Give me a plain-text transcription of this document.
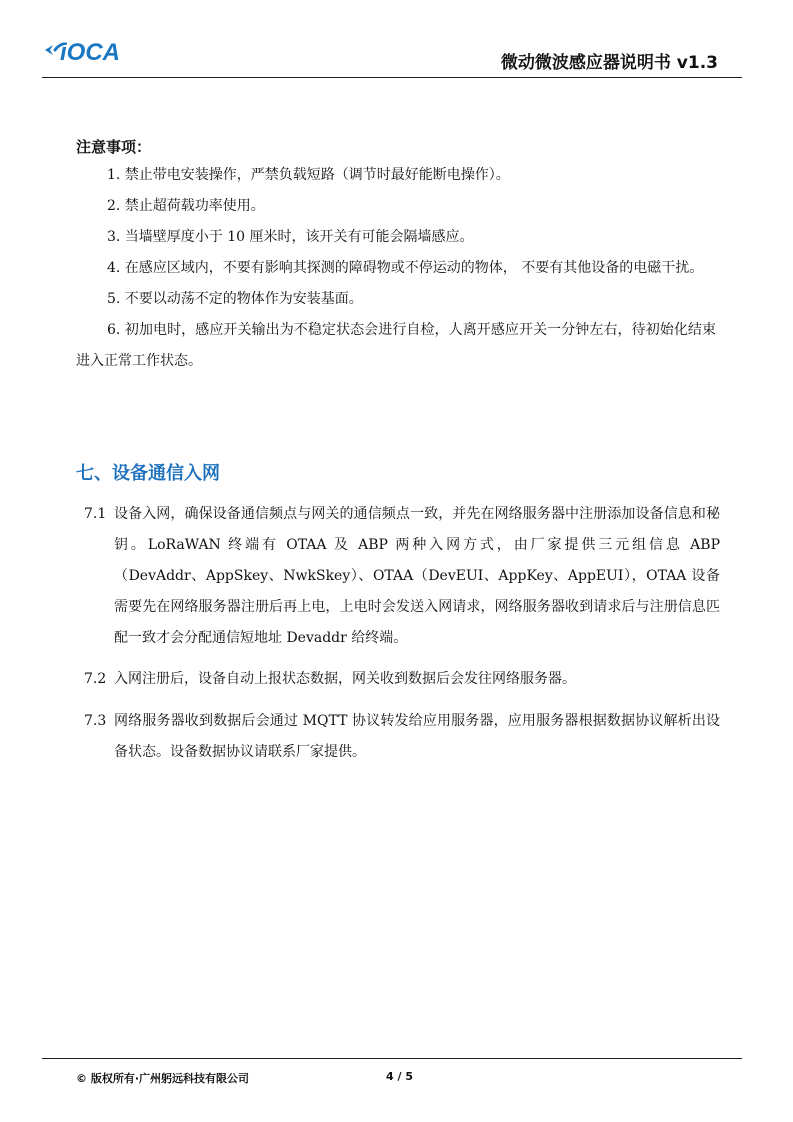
iOCA	微动微波感应器说明书 v1.3
注意事项：
1. 禁止带电安装操作，严禁负载短路（调节时最好能断电操作）。
2. 禁止超荷载功率使用。
3. 当墙壁厚度小于 10 厘米时，该开关有可能会隔墙感应。
4. 在感应区域内，不要有影响其探测的障碍物或不停运动的物体， 不要有其他设备的电磁干扰。
5. 不要以动荡不定的物体作为安装基面。
6. 初加电时，感应开关输出为不稳定状态会进行自检，人离开感应开关一分钟左右，待初始化结束进入正常工作状态。
七、设备通信入网
7.1 设备入网，确保设备通信频点与网关的通信频点一致，并先在网络服务器中注册添加设备信息和秘钥。LoRaWAN 终端有 OTAA 及 ABP 两种入网方式，由厂家提供三元组信息 ABP（DevAddr、AppSkey、NwkSkey）、OTAA（DevEUI、AppKey、AppEUI），OTAA 设备需要先在网络服务器注册后再上电，上电时会发送入网请求，网络服务器收到请求后与注册信息匹配一致才会分配通信短地址 Devaddr 给终端。
7.2 入网注册后，设备自动上报状态数据，网关收到数据后会发往网络服务器。
7.3 网络服务器收到数据后会通过 MQTT 协议转发给应用服务器，应用服务器根据数据协议解析出设备状态。设备数据协议请联系厂家提供。
© 版权所有·广州躬远科技有限公司	4 / 5
